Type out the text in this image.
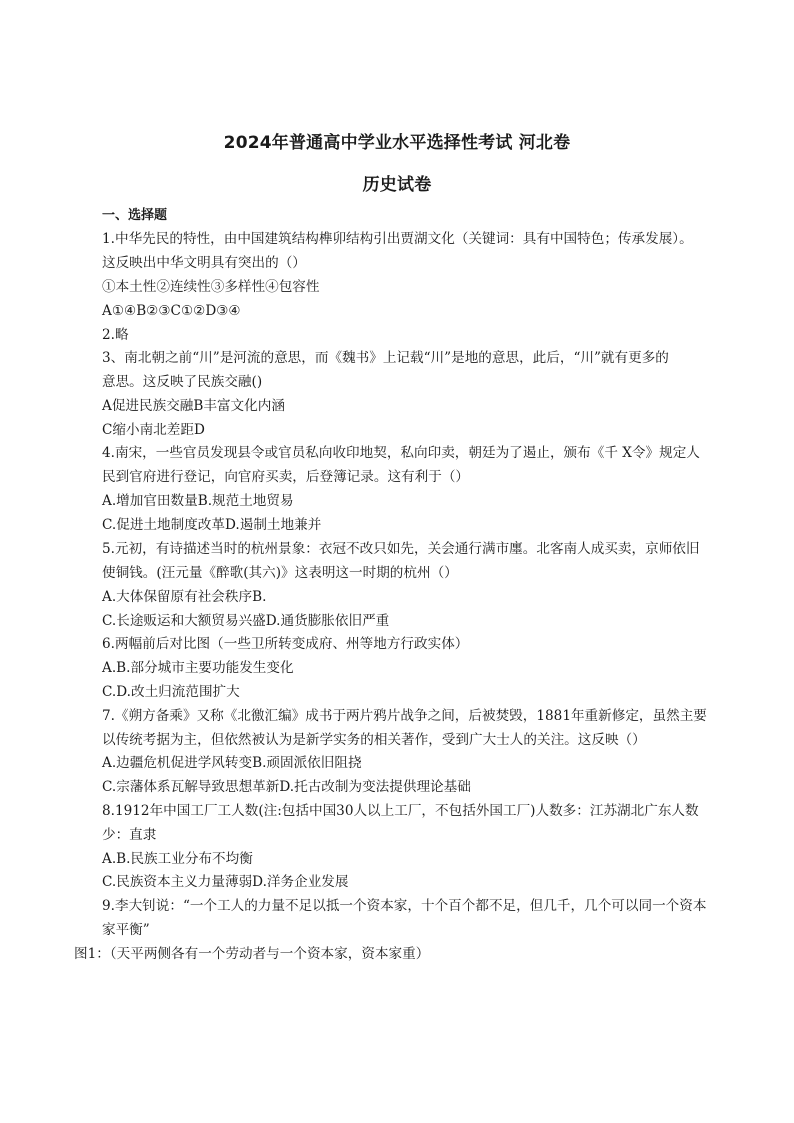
2024年普通高中学业水平选择性考试 河北卷
历史试卷
一、选择题
1.中华先民的特性，由中国建筑结构榫卯结构引出贾湖文化（关键词：具有中国特色；传承发展）。
这反映出中华文明具有突出的（）
①本土性②连续性③多样性④包容性
A①④B②③C①②D③④
2.略
3、南北朝之前“川”是河流的意思，而《魏书》上记载“川”是地的意思，此后，“川”就有更多的
意思。这反映了民族交融()
A促进民族交融B丰富文化内涵
C缩小南北差距D
4.南宋，一些官员发现县令或官员私向收印地契，私向印卖，朝廷为了遏止，颁布《千 X令》规定人
民到官府进行登记，向官府买卖，后登簿记录。这有利于（）
A.增加官田数量B.规范土地贸易
C.促进土地制度改革D.遏制土地兼并
5.元初，有诗描述当时的杭州景象：衣冠不改只如先，关会通行满市廛。北客南人成买卖，京师依旧
使铜钱。(汪元量《醉歌(其六)》这表明这一时期的杭州（）
A.大体保留原有社会秩序B.
C.长途贩运和大额贸易兴盛D.通货膨胀依旧严重
6.两幅前后对比图（一些卫所转变成府、州等地方行政实体）
A.B.部分城市主要功能发生变化
C.D.改土归流范围扩大
7.《朔方备乘》又称《北徼汇编》成书于两片鸦片战争之间，后被焚毁，1881年重新修定，虽然主要
以传统考据为主，但依然被认为是新学实务的相关著作，受到广大士人的关注。这反映（）
A.边疆危机促进学风转变B.顽固派依旧阻挠
C.宗藩体系瓦解导致思想革新D.托古改制为变法提供理论基础
8.1912年中国工厂工人数(注:包括中国30人以上工厂，不包括外国工厂)人数多：江苏湖北广东人数
少：直隶
A.B.民族工业分布不均衡
C.民族资本主义力量薄弱D.洋务企业发展
9.李大钊说：“一个工人的力量不足以抵一个资本家，十个百个都不足，但几千，几个可以同一个资本
家平衡”
图1：（天平两侧各有一个劳动者与一个资本家，资本家重）
